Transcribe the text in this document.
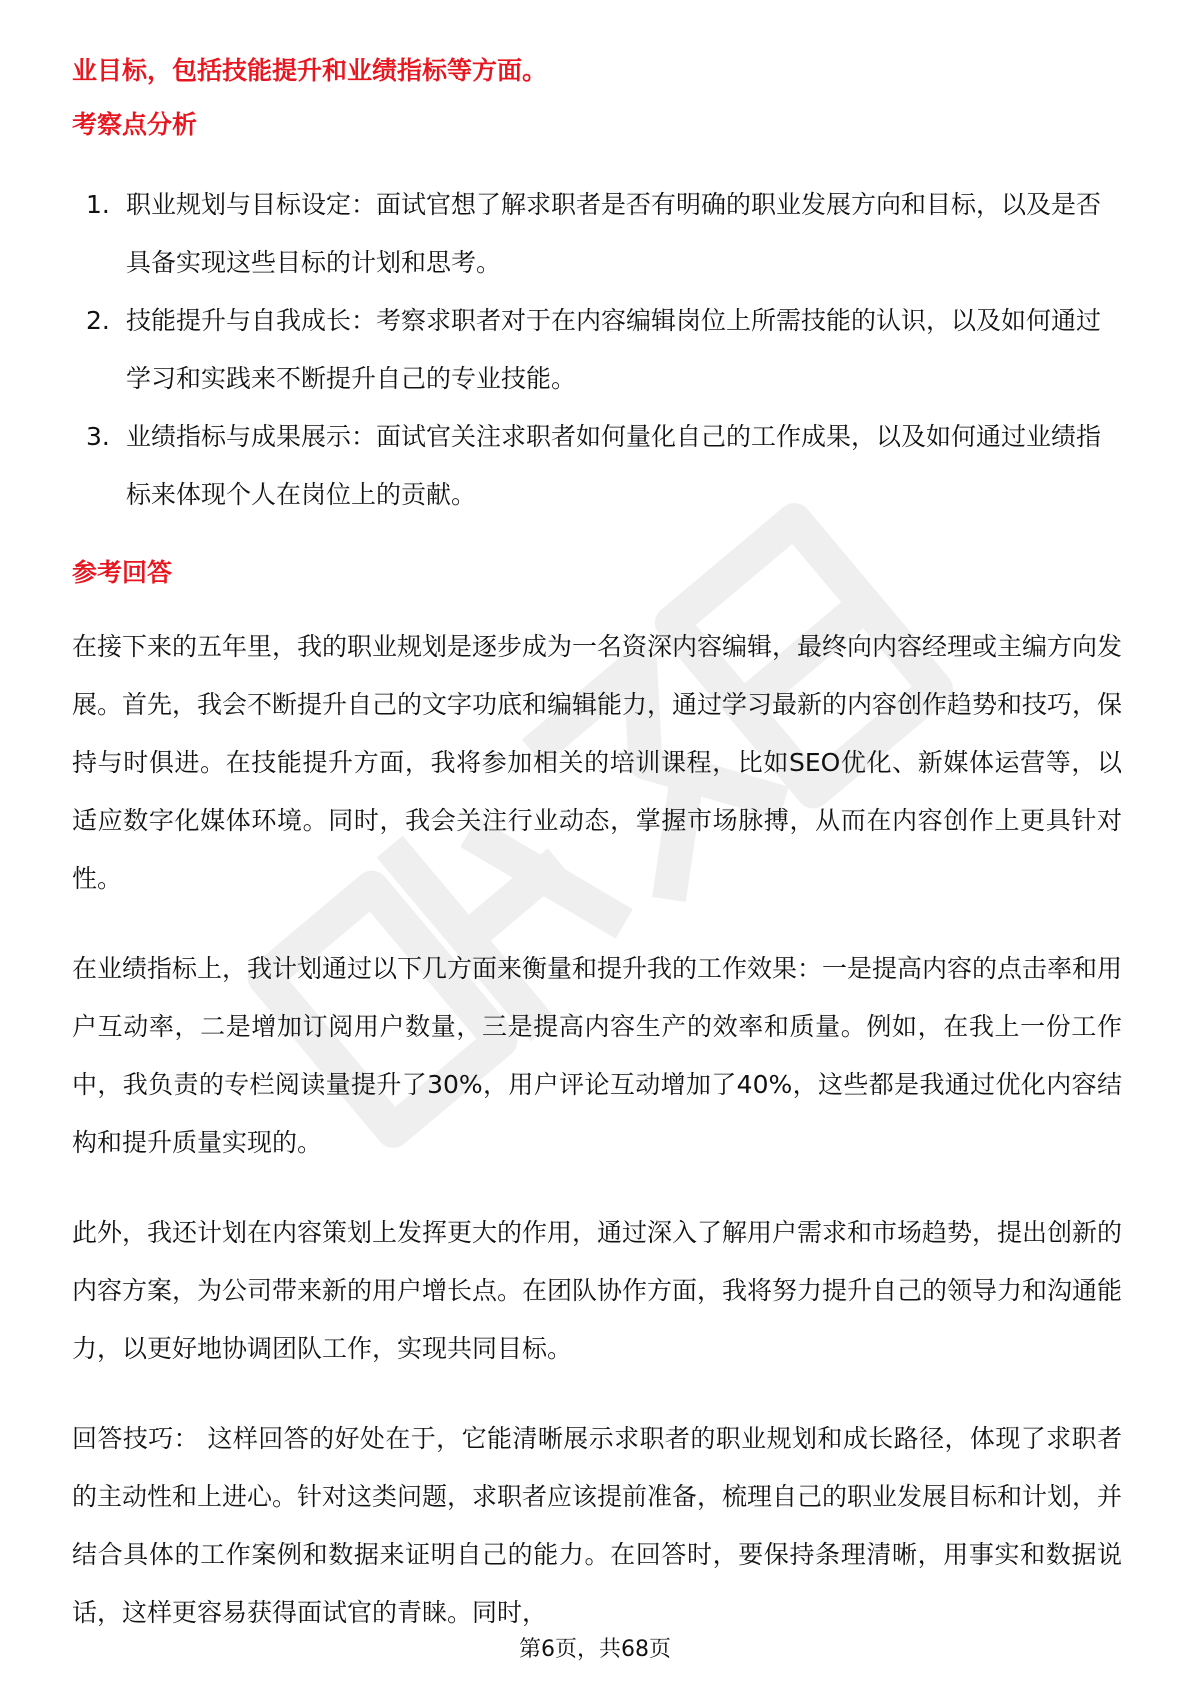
业目标，包括技能提升和业绩指标等方面。

考察点分析

1. 职业规划与目标设定：面试官想了解求职者是否有明确的职业发展方向和目标，以及是否具备实现这些目标的计划和思考。
2. 技能提升与自我成长：考察求职者对于在内容编辑岗位上所需技能的认识，以及如何通过学习和实践来不断提升自己的专业技能。
3. 业绩指标与成果展示：面试官关注求职者如何量化自己的工作成果，以及如何通过业绩指标来体现个人在岗位上的贡献。

参考回答

在接下来的五年里，我的职业规划是逐步成为一名资深内容编辑，最终向内容经理或主编方向发展。首先，我会不断提升自己的文字功底和编辑能力，通过学习最新的内容创作趋势和技巧，保持与时俱进。在技能提升方面，我将参加相关的培训课程，比如SEO优化、新媒体运营等，以适应数字化媒体环境。同时，我会关注行业动态，掌握市场脉搏，从而在内容创作上更具针对性。

在业绩指标上，我计划通过以下几方面来衡量和提升我的工作效果：一是提高内容的点击率和用户互动率，二是增加订阅用户数量，三是提高内容生产的效率和质量。例如，在我上一份工作中，我负责的专栏阅读量提升了30%，用户评论互动增加了40%，这些都是我通过优化内容结构和提升质量实现的。

此外，我还计划在内容策划上发挥更大的作用，通过深入了解用户需求和市场趋势，提出创新的内容方案，为公司带来新的用户增长点。在团队协作方面，我将努力提升自己的领导力和沟通能力，以更好地协调团队工作，实现共同目标。

回答技巧： 这样回答的好处在于，它能清晰展示求职者的职业规划和成长路径，体现了求职者的主动性和上进心。针对这类问题，求职者应该提前准备，梳理自己的职业发展目标和计划，并结合具体的工作案例和数据来证明自己的能力。在回答时，要保持条理清晰，用事实和数据说话，这样更容易获得面试官的青睐。同时，

第6页，共68页
